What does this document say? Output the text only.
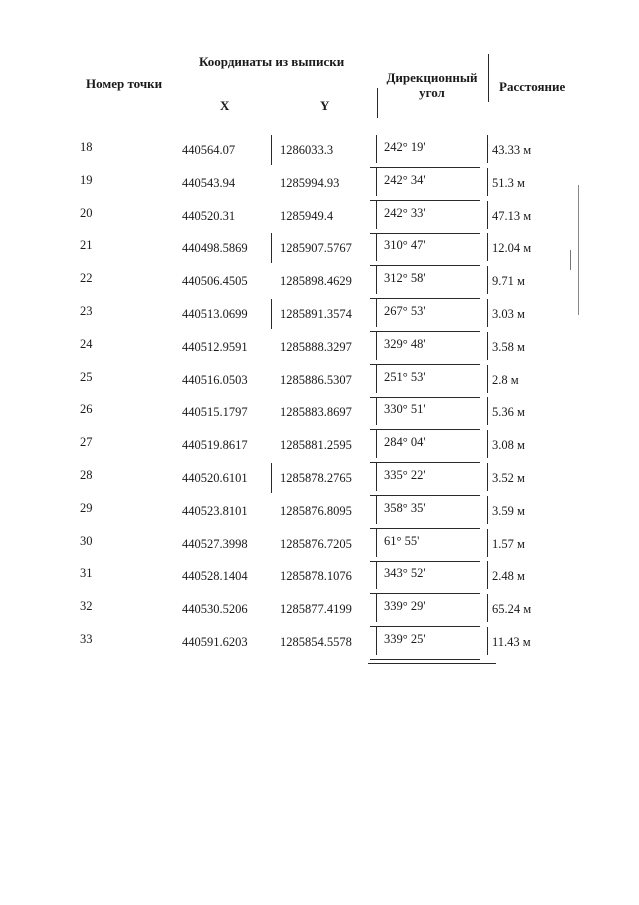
Координаты из выписки
Номер точки
X	Y
Дирекционный угол	Расстояние
18	440564.07	1286033.3	242° 19'	43.33 м
19	440543.94	1285994.93	242° 34'	51.3 м
20	440520.31	1285949.4	242° 33'	47.13 м
21	440498.5869	1285907.5767	310° 47'	12.04 м
22	440506.4505	1285898.4629	312° 58'	9.71 м
23	440513.0699	1285891.3574	267° 53'	3.03 м
24	440512.9591	1285888.3297	329° 48'	3.58 м
25	440516.0503	1285886.5307	251° 53'	2.8 м
26	440515.1797	1285883.8697	330° 51'	5.36 м
27	440519.8617	1285881.2595	284° 04'	3.08 м
28	440520.6101	1285878.2765	335° 22'	3.52 м
29	440523.8101	1285876.8095	358° 35'	3.59 м
30	440527.3998	1285876.7205	61° 55'	1.57 м
31	440528.1404	1285878.1076	343° 52'	2.48 м
32	440530.5206	1285877.4199	339° 29'	65.24 м
33	440591.6203	1285854.5578	339° 25'	11.43 м
